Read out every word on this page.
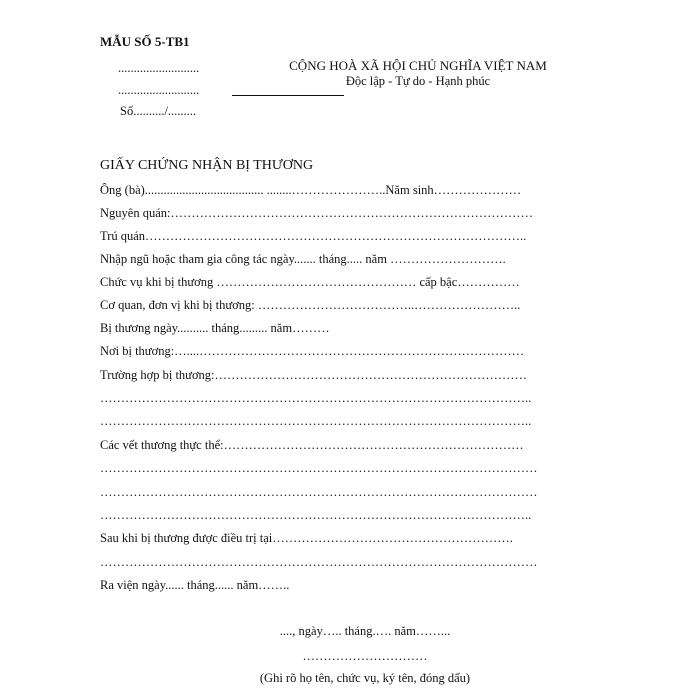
MẪU SỐ 5-TB1
..........................
..........................
Số........../.........
CỘNG HOÀ XÃ HỘI CHỦ NGHĨA VIỆT NAM
Độc lập - Tự do - Hạnh phúc
GIẤY CHỨNG NHẬN BỊ THƯƠNG
Ông (bà)...................................... ........…………………..Năm sinh…………………
Nguyên quán:……………………………………………………………………………
Trú quán………………………………………………………………………………..
Nhập ngũ hoặc tham gia công tác ngày....... tháng..... năm ……………………….
Chức vụ khi bị thương ………………………………………… cấp bậc……………
Cơ quan, đơn vị khi bị thương: ………………………………..……………………..
Bị thương ngày.......... tháng......... năm………
Nơi bị thương:…....……………………………………………………………………
Trường hợp bị thương:…………………………………………………………………
…………………………………………………………………………………………..
…………………………………………………………………………………………..
Các vết thương thực thể:………………………………………………………………
……………………………………………………………………………………………
……………………………………………………………………………………………
…………………………………………………………………………………………..
Sau khi bị thương được điều trị tại………………………………………………….
……………………………………………………………………………………………
Ra viện ngày...... tháng...... năm……..
...., ngày….. tháng.…. năm……...
…………………………
(Ghi rõ họ tên, chức vụ, ký tên, đóng dấu)
